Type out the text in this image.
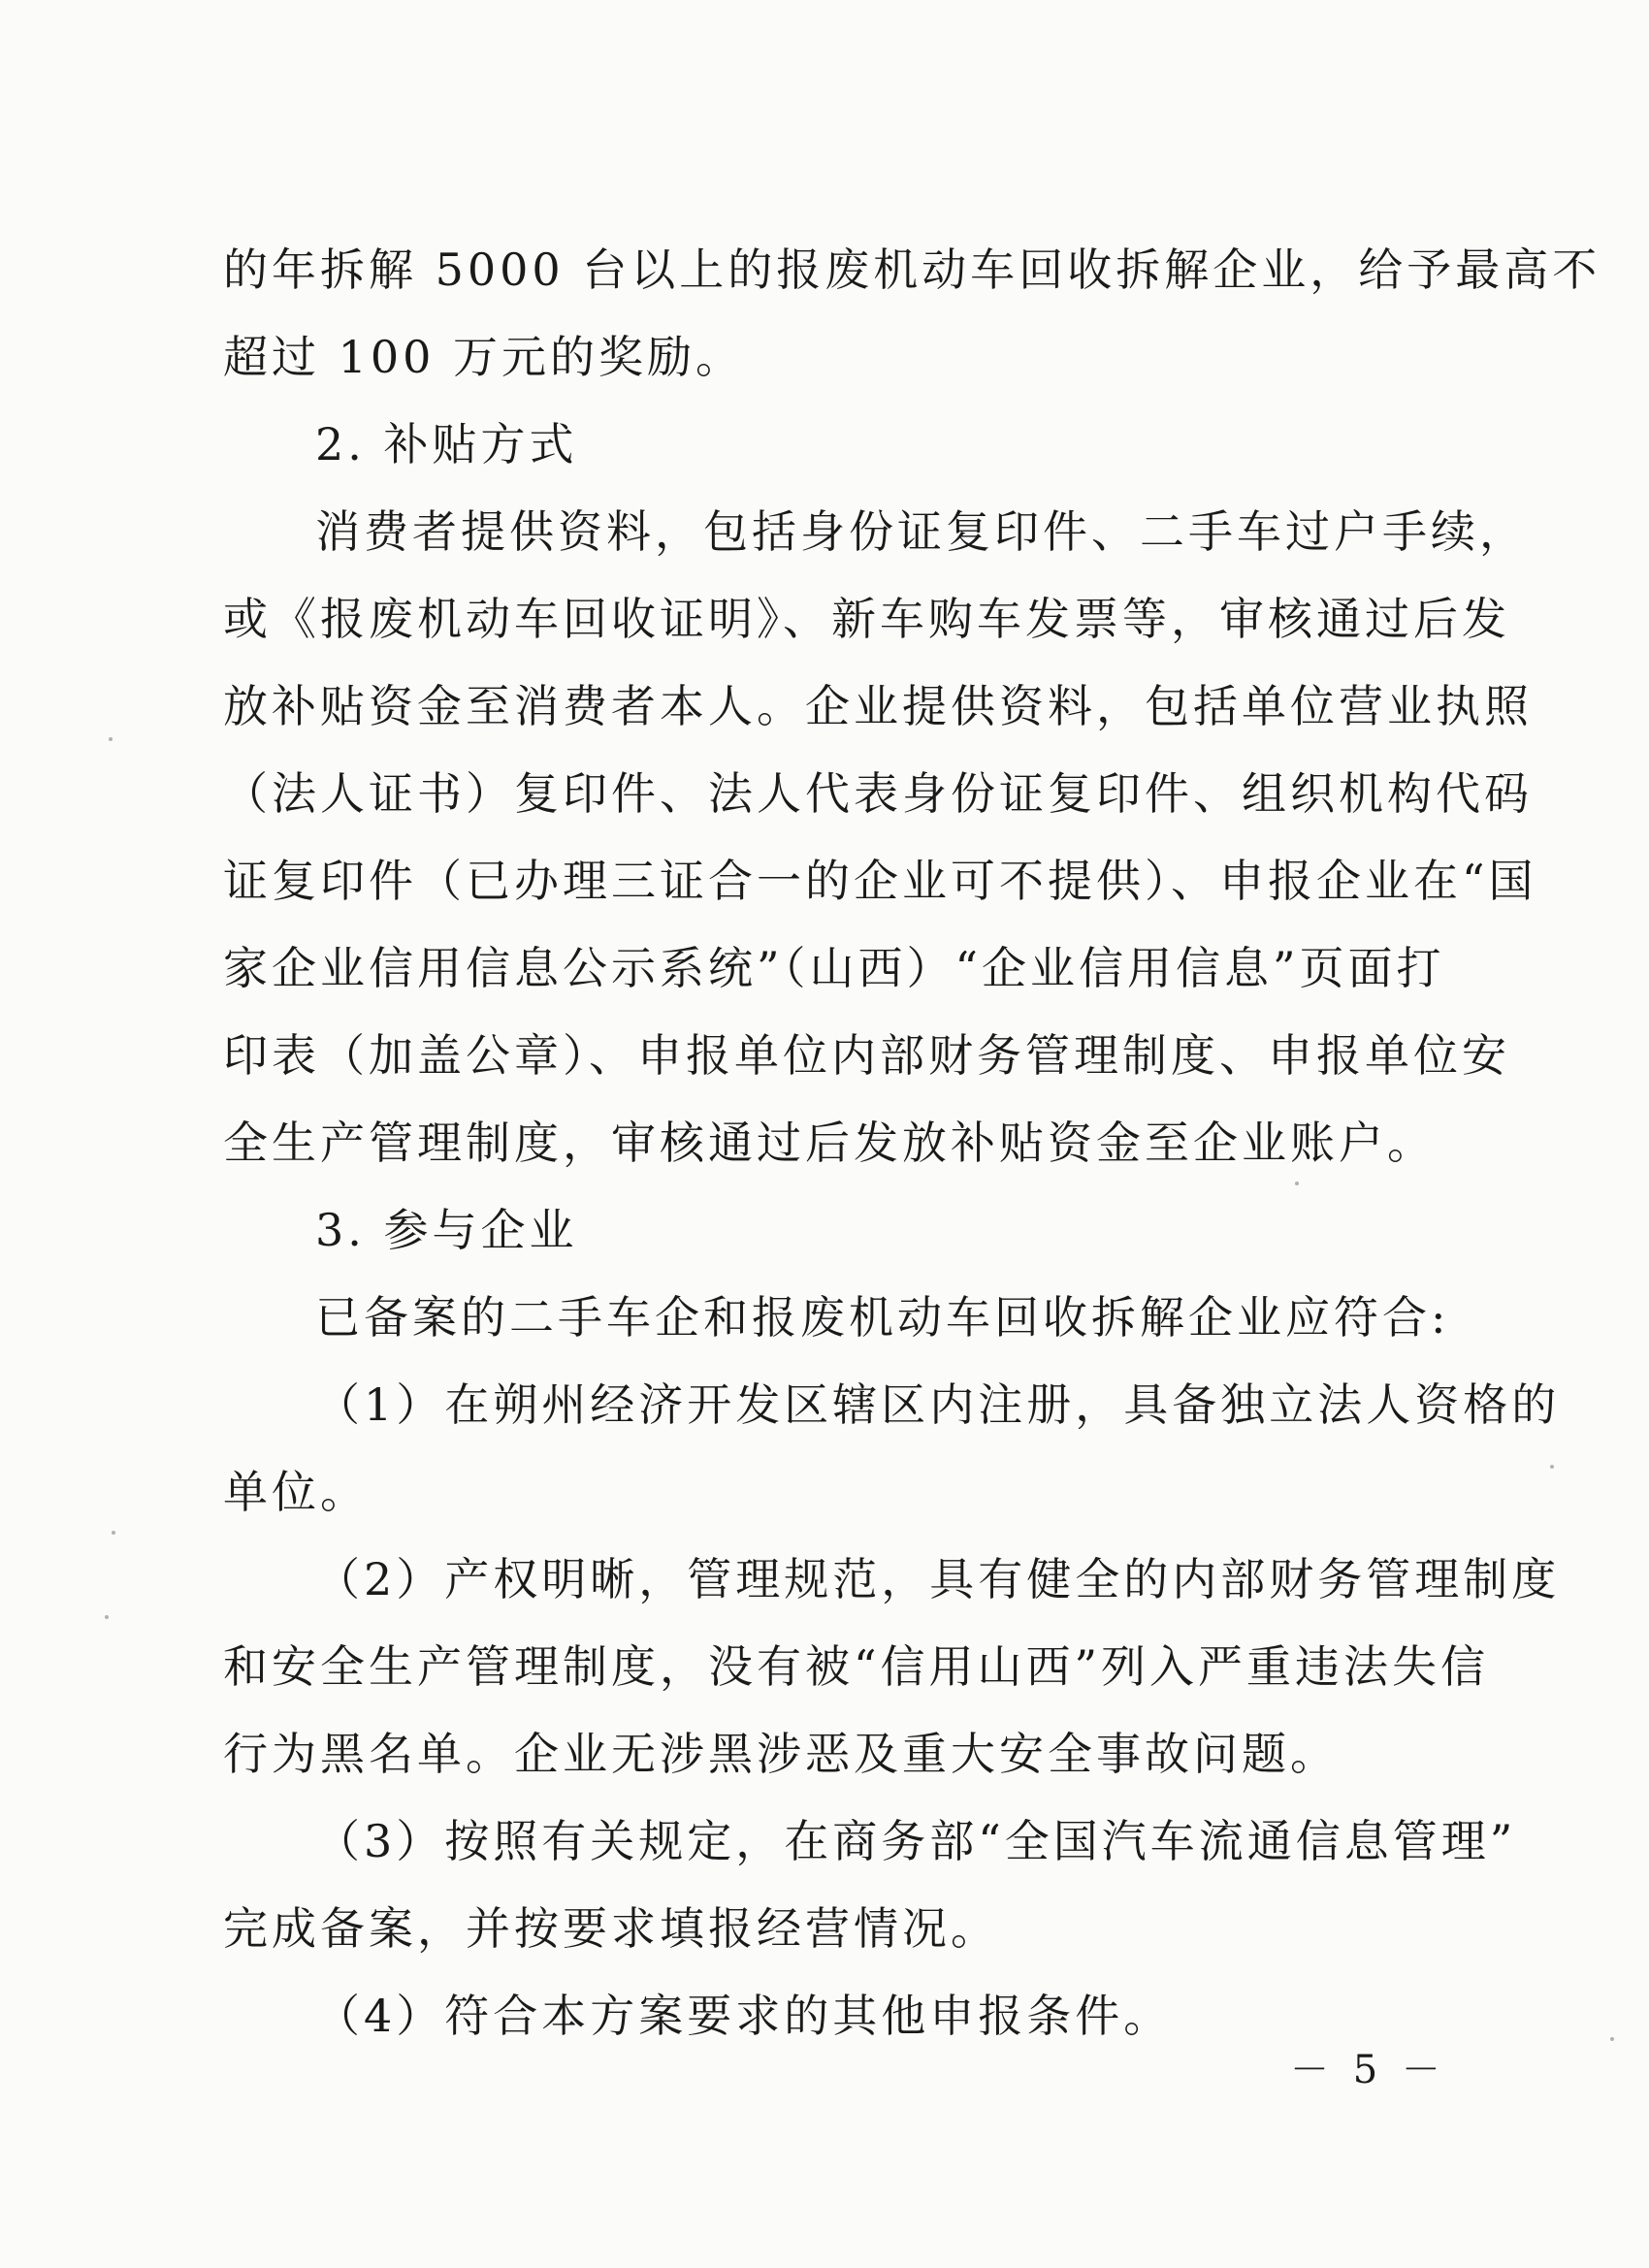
的年拆解 5000 台以上的报废机动车回收拆解企业，给予最高不
超过 100 万元的奖励。
2. 补贴方式
消费者提供资料，包括身份证复印件、二手车过户手续，
或《报废机动车回收证明》、新车购车发票等，审核通过后发
放补贴资金至消费者本人。企业提供资料，包括单位营业执照
（法人证书）复印件、法人代表身份证复印件、组织机构代码
证复印件（已办理三证合一的企业可不提供）、申报企业在“国
家企业信用信息公示系统”（山西）“企业信用信息”页面打
印表（加盖公章）、申报单位内部财务管理制度、申报单位安
全生产管理制度，审核通过后发放补贴资金至企业账户。
3. 参与企业
已备案的二手车企和报废机动车回收拆解企业应符合:
（1）在朔州经济开发区辖区内注册，具备独立法人资格的
单位。
（2）产权明晰，管理规范，具有健全的内部财务管理制度
和安全生产管理制度，没有被“信用山西”列入严重违法失信
行为黑名单。企业无涉黑涉恶及重大安全事故问题。
（3）按照有关规定，在商务部“全国汽车流通信息管理”
完成备案，并按要求填报经营情况。
（4）符合本方案要求的其他申报条件。
－ 5 －
